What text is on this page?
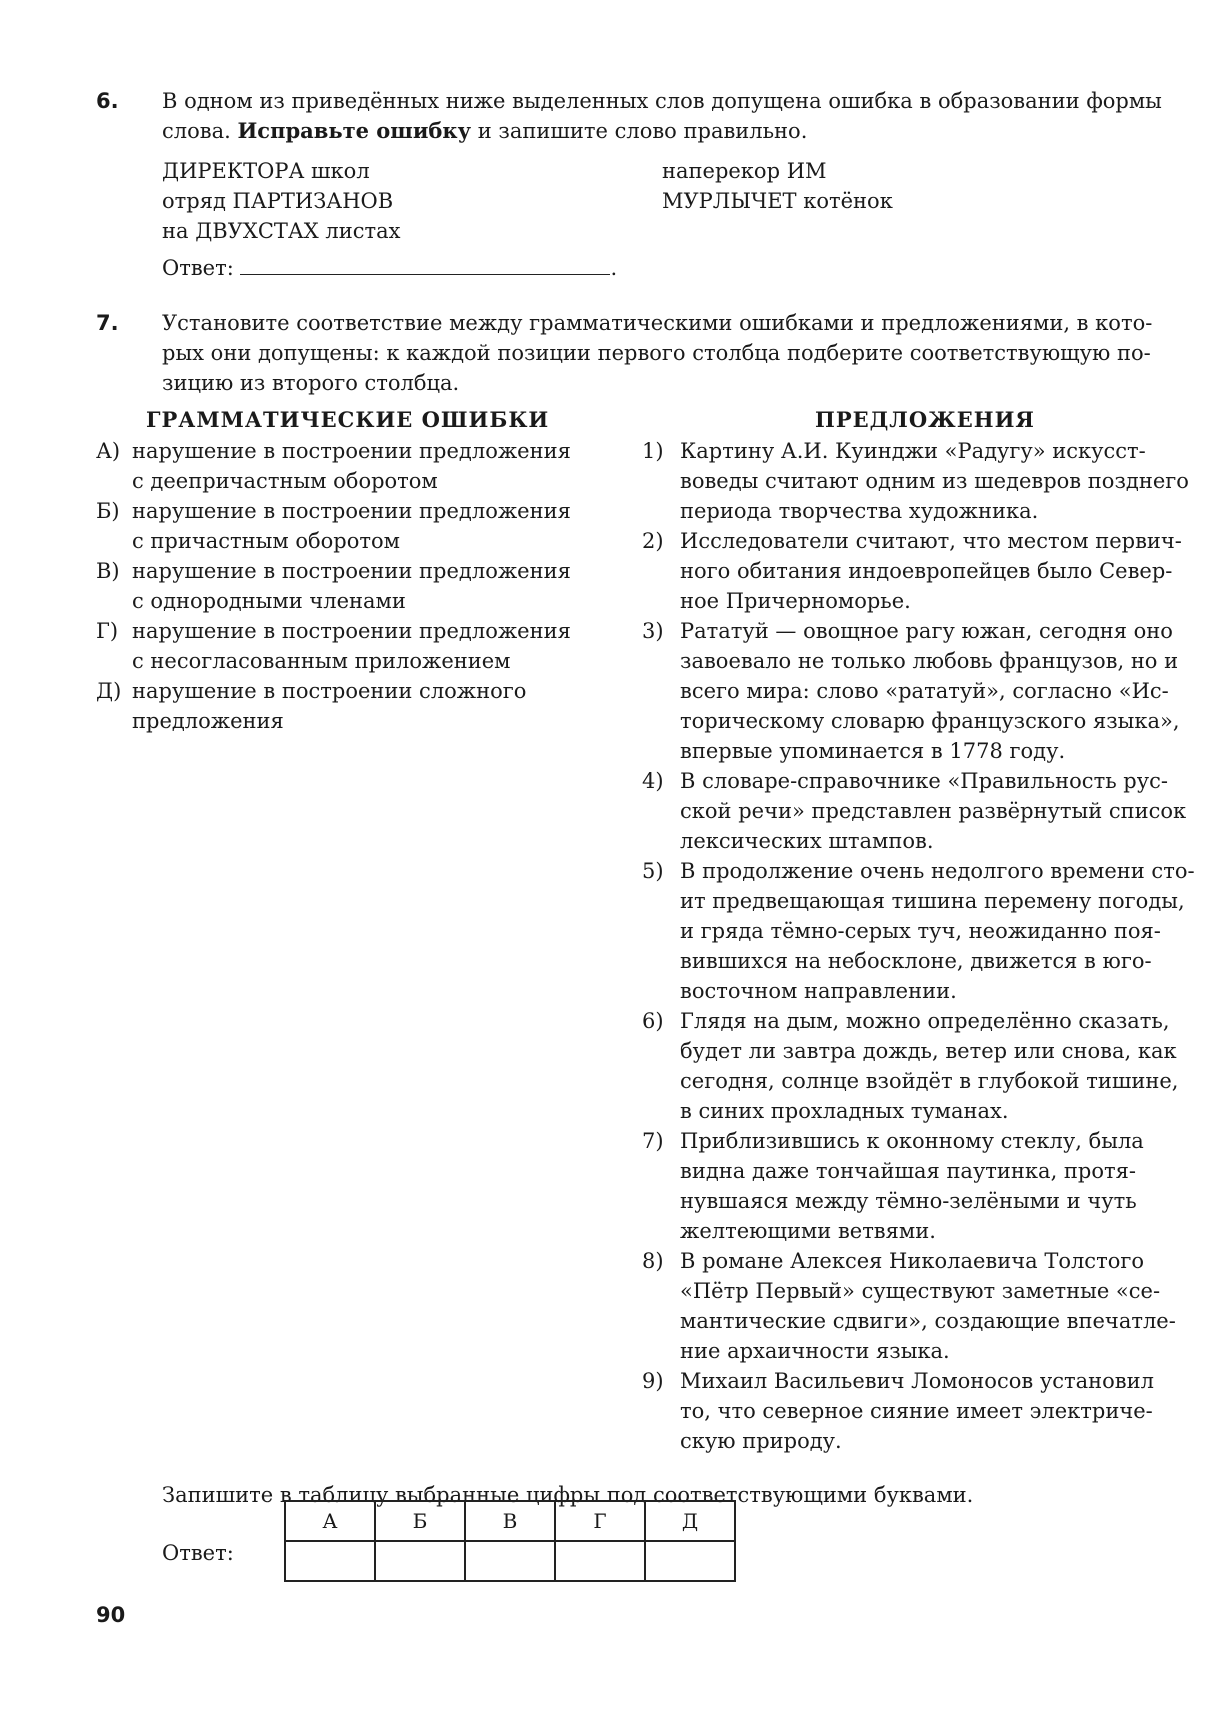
6. В одном из приведённых ниже выделенных слов допущена ошибка в образовании формы
слова. Исправьте ошибку и запишите слово правильно.
ДИРЕКТОРА школ
отряд ПАРТИЗАНОВ
на ДВУХСТАХ листах
наперекор ИМ
МУРЛЫЧЕТ котёнок
Ответ:	.
7. Установите соответствие между грамматическими ошибками и предложениями, в кото-
рых они допущены: к каждой позиции первого столбца подберите соответствующую по-
зицию из второго столбца.
ГРАММАТИЧЕСКИЕ ОШИБКИ	ПРЕДЛОЖЕНИЯ
А) нарушение в построении предложения
с деепричастным оборотом
Б) нарушение в построении предложения
с причастным оборотом
В) нарушение в построении предложения
с однородными членами
Г) нарушение в построении предложения
с несогласованным приложением
Д) нарушение в построении сложного
предложения
1) Картину А.И. Куинджи «Радугу» искусст-
воведы считают одним из шедевров позднего
периода творчества художника.
2) Исследователи считают, что местом первич-
ного обитания индоевропейцев было Север-
ное Причерноморье.
3) Рататуй — овощное рагу южан, сегодня оно
завоевало не только любовь французов, но и
всего мира: слово «рататуй», согласно «Ис-
торическому словарю французского языка»,
впервые упоминается в 1778 году.
4) В словаре-справочнике «Правильность рус-
ской речи» представлен развёрнутый список
лексических штампов.
5) В продолжение очень недолгого времени сто-
ит предвещающая тишина перемену погоды,
и гряда тёмно-серых туч, неожиданно поя-
вившихся на небосклоне, движется в юго-
восточном направлении.
6) Глядя на дым, можно определённо сказать,
будет ли завтра дождь, ветер или снова, как
сегодня, солнце взойдёт в глубокой тишине,
в синих прохладных туманах.
7) Приблизившись к оконному стеклу, была
видна даже тончайшая паутинка, протя-
нувшаяся между тёмно-зелёными и чуть
желтеющими ветвями.
8) В романе Алексея Николаевича Толстого
«Пётр Первый» существуют заметные «се-
мантические сдвиги», создающие впечатле-
ние архаичности языка.
9) Михаил Васильевич Ломоносов установил
то, что северное сияние имеет электриче-
скую природу.
Запишите в таблицу выбранные цифры под соответствующими буквами.
Ответ:
А	Б	В	Г	Д

90
